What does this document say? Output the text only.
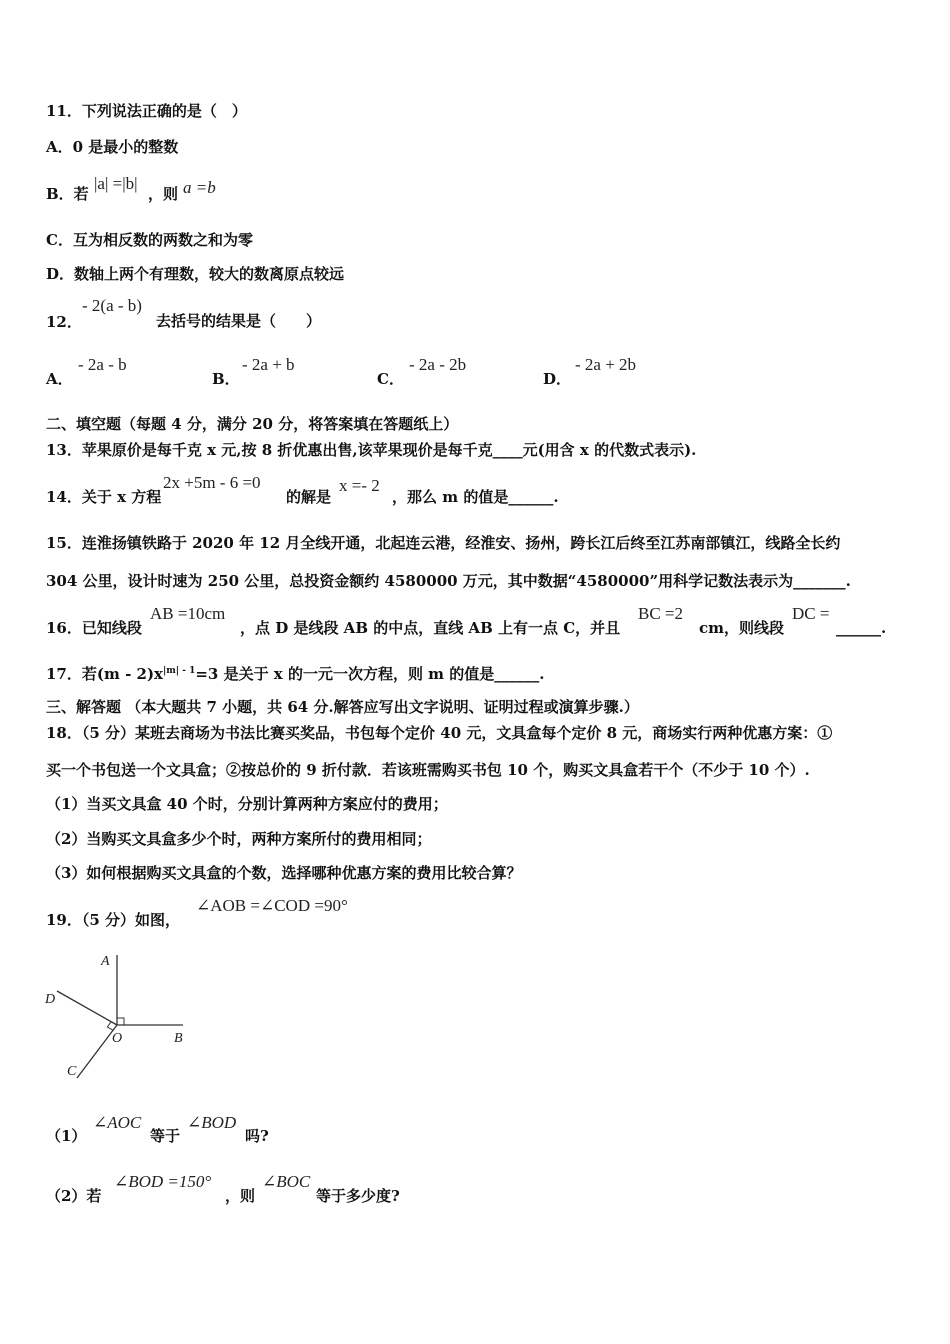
11．下列说法正确的是（　）
A．0 是最小的整数
B．若
|a| =|b|
，则 a =b
C．互为相反数的两数之和为零
D．数轴上两个有理数，较大的数离原点较远
12．
- 2(a - b)
去括号的结果是（　　）
A．
- 2a - b
B．
- 2a + b
C．
- 2a - 2b
D．
- 2a + 2b
二、填空题（每题 4 分，满分 20 分，将答案填在答题纸上）
13．苹果原价是每千克 x 元,按 8 折优惠出售,该苹果现价是每千克____元(用含 x 的代数式表示).
14．关于 x 方程
2x +5m - 6 =0
的解是
x =- 2
，那么 m 的值是______.
15．连淮扬镇铁路于 2020 年 12 月全线开通，北起连云港，经淮安、扬州，跨长江后终至江苏南部镇江，线路全长约
304 公里，设计时速为 250 公里，总投资金额约 4580000 万元，其中数据“4580000”用科学记数法表示为_______.
16．已知线段
AB =10cm
，点 D 是线段 AB 的中点，直线 AB 上有一点 C，并且
BC =2
cm，则线段
DC =
______.
17．若$(m - 2)x^{|m| - 1}=3$ 是关于 x 的一元一次方程，则 m 的值是______.
三、解答题 （本大题共 7 小题，共 64 分.解答应写出文字说明、证明过程或演算步骤.）
18．（5 分）某班去商场为书法比赛买奖品，书包每个定价 40 元，文具盒每个定价 8 元，商场实行两种优惠方案：①
买一个书包送一个文具盒；②按总价的 9 折付款．若该班需购买书包 10 个，购买文具盒若干个（不少于 10 个）.
（1）当买文具盒 40 个时，分别计算两种方案应付的费用；
（2）当购买文具盒多少个时，两种方案所付的费用相同；
（3）如何根据购买文具盒的个数，选择哪种优惠方案的费用比较合算？
19．（5 分）如图，
∠AOB =∠COD =90°
A
B
D
C
O
（1）
∠AOC
等于
∠BOD
吗?
（2）若
∠BOD =150°
，则
∠BOC
等于多少度?
